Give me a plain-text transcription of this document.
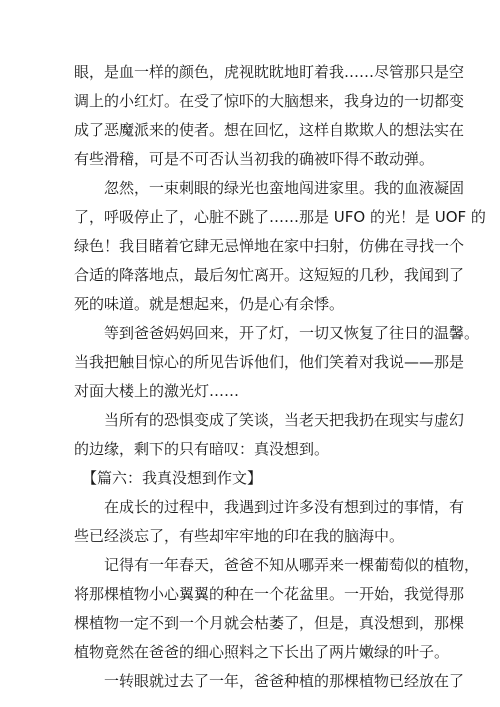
眼，是血一样的颜色，虎视眈眈地盯着我……尽管那只是空
调上的小红灯。在受了惊吓的大脑想来，我身边的一切都变
成了恶魔派来的使者。想在回忆，这样自欺欺人的想法实在
有些滑稽，可是不可否认当初我的确被吓得不敢动弹。
忽然，一束刺眼的绿光也蛮地闯进家里。我的血液凝固
了，呼吸停止了，心脏不跳了……那是 UFO 的光！是 UOF 的
绿色！我目睹着它肆无忌惮地在家中扫射，仿佛在寻找一个
合适的降落地点，最后匆忙离开。这短短的几秒，我闻到了
死的味道。就是想起来，仍是心有余悸。
等到爸爸妈妈回来，开了灯，一切又恢复了往日的温馨。
当我把触目惊心的所见告诉他们，他们笑着对我说——那是
对面大楼上的激光灯……
当所有的恐惧变成了笑谈，当老天把我扔在现实与虚幻
的边缘，剩下的只有暗叹：真没想到。
【篇六：我真没想到作文】
在成长的过程中，我遇到过许多没有想到过的事情，有
些已经淡忘了，有些却牢牢地的印在我的脑海中。
记得有一年春天，爸爸不知从哪弄来一棵葡萄似的植物，
将那棵植物小心翼翼的种在一个花盆里。一开始，我觉得那
棵植物一定不到一个月就会枯萎了，但是，真没想到，那棵
植物竟然在爸爸的细心照料之下长出了两片嫩绿的叶子。
一转眼就过去了一年，爸爸种植的那棵植物已经放在了
